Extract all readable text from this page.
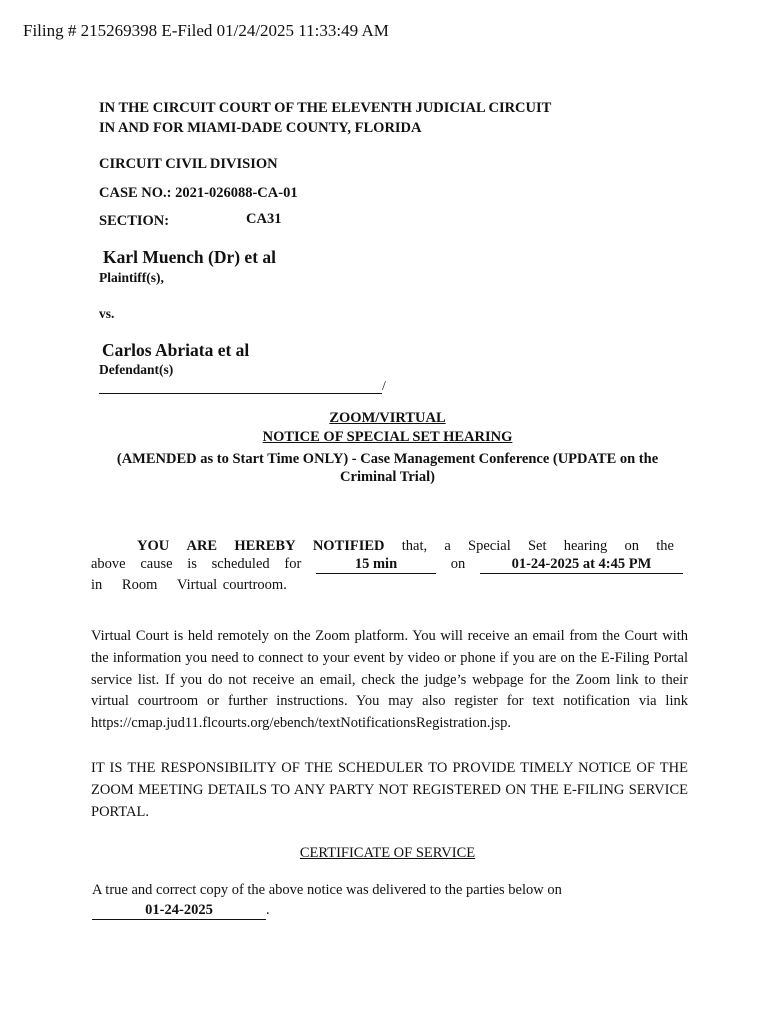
Filing # 215269398 E-Filed 01/24/2025 11:33:49 AM
IN THE CIRCUIT COURT OF THE ELEVENTH JUDICIAL CIRCUIT
IN AND FOR MIAMI-DADE COUNTY, FLORIDA
CIRCUIT CIVIL DIVISION
CASE NO.: 2021-026088-CA-01
SECTION:	CA31
Karl Muench (Dr) et al
Plaintiff(s),
vs.
Carlos Abriata et al
Defendant(s)
/
ZOOM/VIRTUAL
NOTICE OF SPECIAL SET HEARING
(AMENDED as to Start Time ONLY) - Case Management Conference (UPDATE on the Criminal Trial)
YOU ARE HEREBY NOTIFIED that, a Special Set hearing on the
above cause is scheduled for	15 min	on	01-24-2025 at 4:45 PM
in Room Virtual courtroom.
Virtual Court is held remotely on the Zoom platform. You will receive an email from the Court with the information you need to connect to your event by video or phone if you are on the E-Filing Portal service list. If you do not receive an email, check the judge’s webpage for the Zoom link to their virtual courtroom or further instructions. You may also register for text notification via link https://cmap.jud11.flcourts.org/ebench/textNotificationsRegistration.jsp.
IT IS THE RESPONSIBILITY OF THE SCHEDULER TO PROVIDE TIMELY NOTICE OF THE ZOOM MEETING DETAILS TO ANY PARTY NOT REGISTERED ON THE E-FILING SERVICE PORTAL.
CERTIFICATE OF SERVICE
A true and correct copy of the above notice was delivered to the parties below on
01-24-2025	.
